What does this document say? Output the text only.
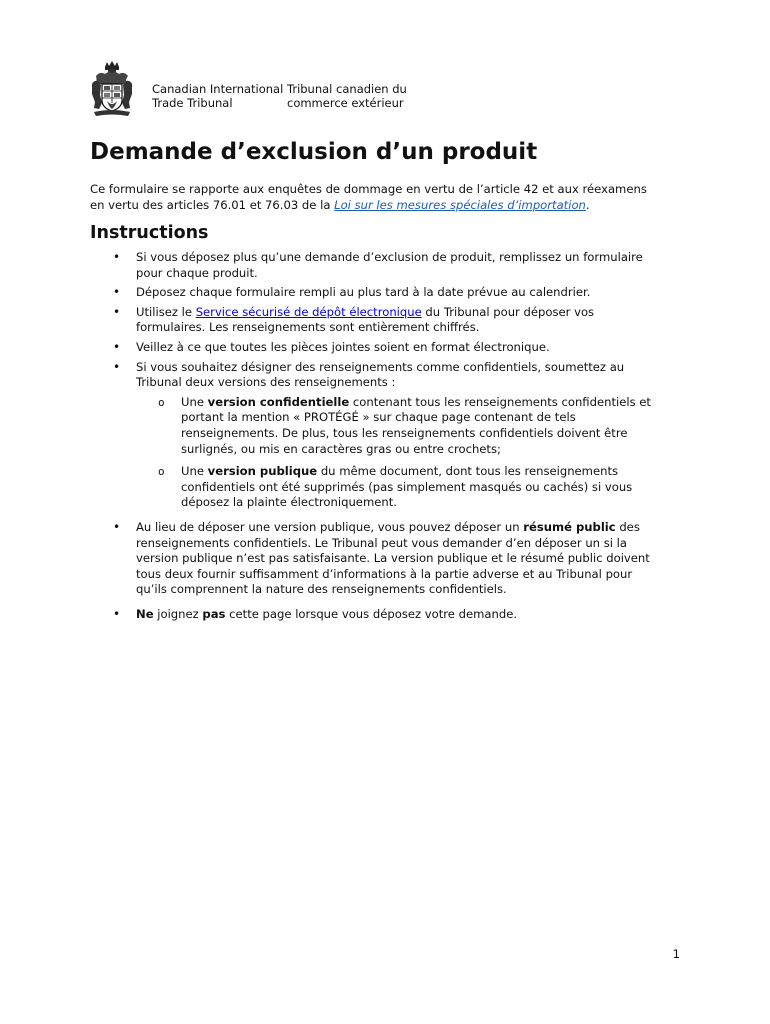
Canadian International
Trade Tribunal
Tribunal canadien du
commerce extérieur
Demande d’exclusion d’un produit

Ce formulaire se rapporte aux enquêtes de dommage en vertu de l’article 42 et aux réexamens
en vertu des articles 76.01 et 76.03 de la Loi sur les mesures spéciales d’importation.

Instructions
• Si vous déposez plus qu’une demande d’exclusion de produit, remplissez un formulaire
pour chaque produit.
• Déposez chaque formulaire rempli au plus tard à la date prévue au calendrier.
• Utilisez le Service sécurisé de dépôt électronique du Tribunal pour déposer vos
formulaires. Les renseignements sont entièrement chiffrés.
• Veillez à ce que toutes les pièces jointes soient en format électronique.
• Si vous souhaitez désigner des renseignements comme confidentiels, soumettez au
Tribunal deux versions des renseignements :
o Une version confidentielle contenant tous les renseignements confidentiels et
portant la mention « PROTÉGÉ » sur chaque page contenant de tels
renseignements. De plus, tous les renseignements confidentiels doivent être
surlignés, ou mis en caractères gras ou entre crochets;
o Une version publique du même document, dont tous les renseignements
confidentiels ont été supprimés (pas simplement masqués ou cachés) si vous
déposez la plainte électroniquement.
• Au lieu de déposer une version publique, vous pouvez déposer un résumé public des
renseignements confidentiels. Le Tribunal peut vous demander d’en déposer un si la
version publique n’est pas satisfaisante. La version publique et le résumé public doivent
tous deux fournir suffisamment d’informations à la partie adverse et au Tribunal pour
qu’ils comprennent la nature des renseignements confidentiels.
• Ne joignez pas cette page lorsque vous déposez votre demande.
1
